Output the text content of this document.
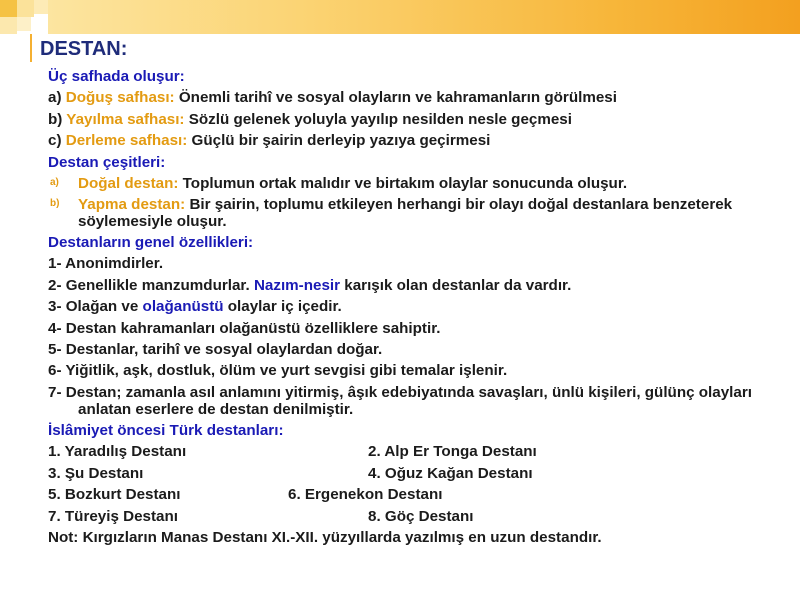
DESTAN:
Üç safhada oluşur:
a) Doğuş safhası: Önemli tarihî ve sosyal olayların ve kahramanların görülmesi
b) Yayılma safhası: Sözlü gelenek yoluyla yayılıp nesilden nesle geçmesi
c) Derleme safhası: Güçlü bir şairin derleyip yazıya geçirmesi
Destan çeşitleri:
a)	Doğal destan: Toplumun ortak malıdır ve birtakım olaylar sonucunda oluşur.
b)	Yapma destan: Bir şairin, toplumu etkileyen herhangi bir olayı doğal destanlara benzeterek söylemesiyle oluşur.
Destanların genel özellikleri:
1- Anonimdirler.
2- Genellikle manzumdurlar. Nazım-nesir karışık olan destanlar da vardır.
3- Olağan ve olağanüstü olaylar iç içedir.
4- Destan kahramanları olağanüstü özelliklere sahiptir.
5- Destanlar, tarihî ve sosyal olaylardan doğar.
6- Yiğitlik, aşk, dostluk, ölüm ve yurt sevgisi gibi temalar işlenir.
7- Destan; zamanla asıl anlamını yitirmiş, âşık edebiyatında savaşları, ünlü kişileri, gülünç olayları anlatan eserlere de destan denilmiştir.
İslâmiyet öncesi Türk destanları:
1. Yaradılış Destanı	2. Alp Er Tonga Destanı
3. Şu Destanı	4. Oğuz Kağan Destanı
5. Bozkurt Destanı	6. Ergenekon Destanı
7. Türeyiş Destanı	8. Göç Destanı
Not: Kırgızların Manas Destanı XI.-XII. yüzyıllarda yazılmış en uzun destandır.
